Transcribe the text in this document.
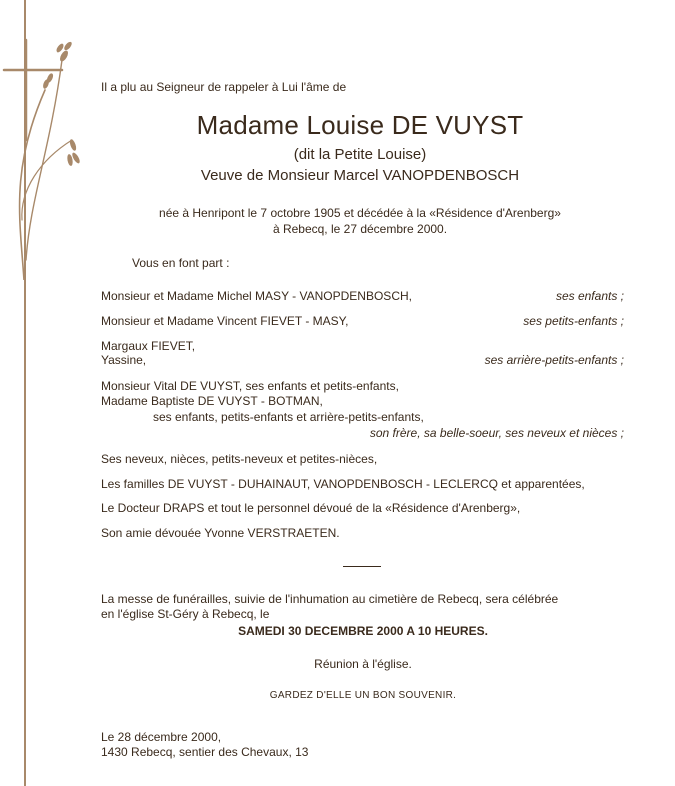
Il a plu au Seigneur de rappeler à Lui l'âme de
Madame Louise DE VUYST
(dit la Petite Louise)
Veuve de Monsieur Marcel VANOPDENBOSCH
née à Henripont le 7 octobre 1905 et décédée à la «Résidence d'Arenberg»
à Rebecq, le 27 décembre 2000.
Vous en font part :
Monsieur et Madame Michel MASY - VANOPDENBOSCH,	ses enfants ;
Monsieur et Madame Vincent FIEVET - MASY,	ses petits-enfants ;
Margaux FIEVET,
Yassine,	ses arrière-petits-enfants ;
Monsieur Vital DE VUYST, ses enfants et petits-enfants,
Madame Baptiste DE VUYST - BOTMAN,
ses enfants, petits-enfants et arrière-petits-enfants,
son frère, sa belle-soeur, ses neveux et nièces ;
Ses neveux, nièces, petits-neveux et petites-nièces,
Les familles DE VUYST - DUHAINAUT, VANOPDENBOSCH - LECLERCQ et apparentées,
Le Docteur DRAPS et tout le personnel dévoué de la «Résidence d'Arenberg»,
Son amie dévouée Yvonne VERSTRAETEN.
La messe de funérailles, suivie de l'inhumation au cimetière de Rebecq, sera célébrée
en l'église St-Géry à Rebecq, le
SAMEDI 30 DECEMBRE 2000 A 10 HEURES.
Réunion à l'église.
GARDEZ D'ELLE UN BON SOUVENIR.
Le 28 décembre 2000,
1430 Rebecq, sentier des Chevaux, 13
